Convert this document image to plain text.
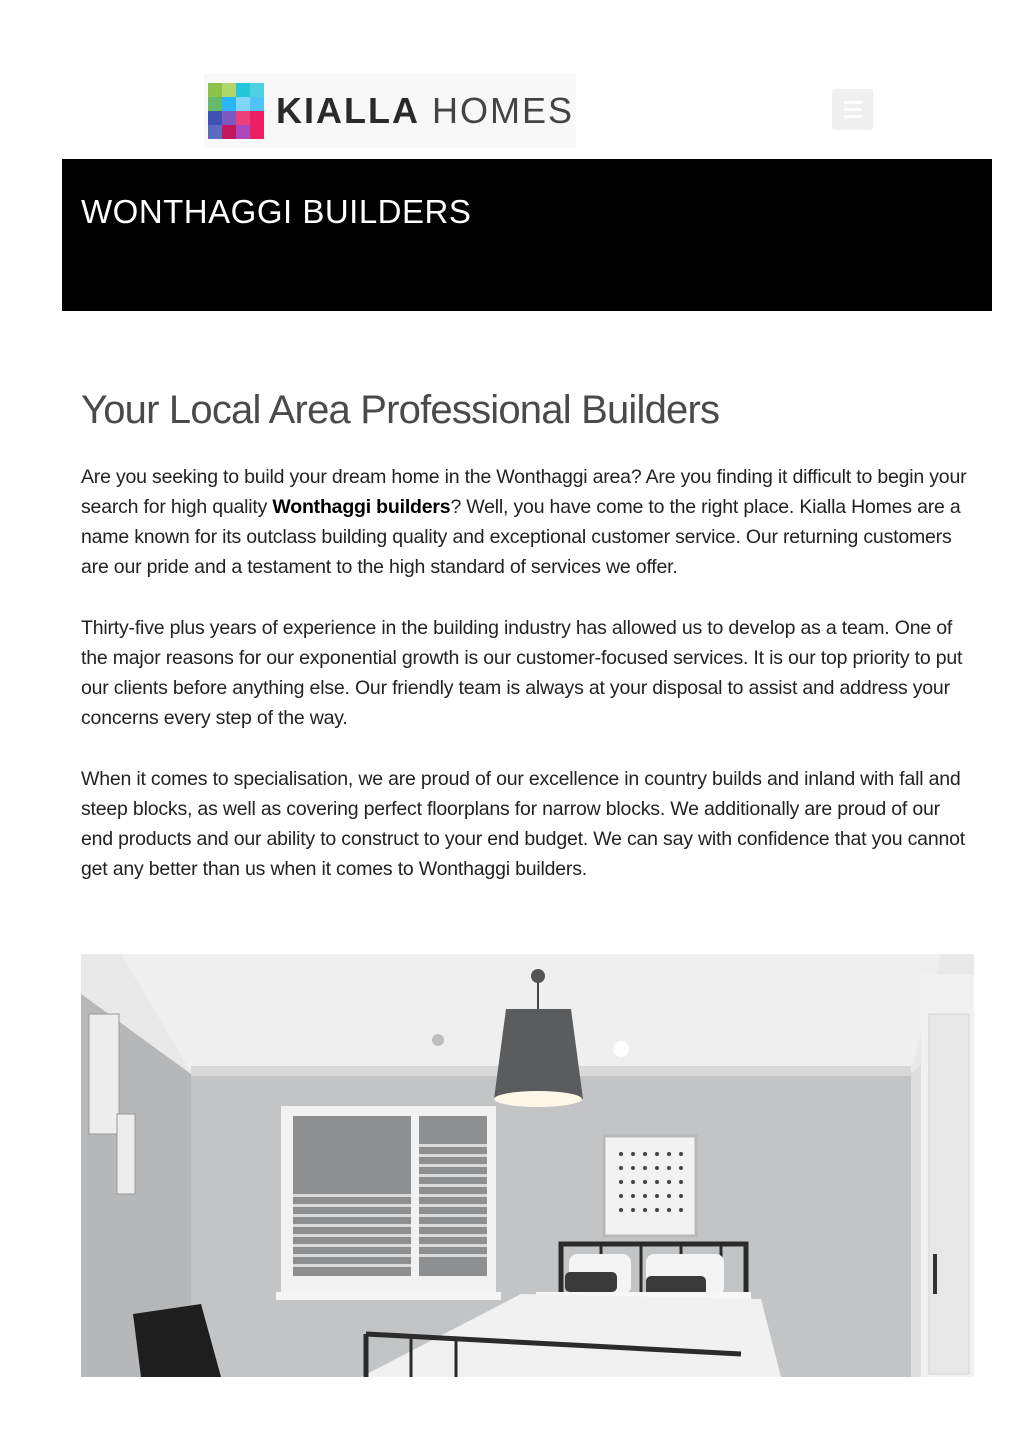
KIALLA HOMES
WONTHAGGI BUILDERS
Your Local Area Professional Builders

Are you seeking to build your dream home in the Wonthaggi area? Are you finding it difficult to begin your search for high quality Wonthaggi builders? Well, you have come to the right place. Kialla Homes are a name known for its outclass building quality and exceptional customer service. Our returning customers are our pride and a testament to the high standard of services we offer.

Thirty-five plus years of experience in the building industry has allowed us to develop as a team. One of the major reasons for our exponential growth is our customer-focused services. It is our top priority to put our clients before anything else. Our friendly team is always at your disposal to assist and address your concerns every step of the way.

When it comes to specialisation, we are proud of our excellence in country builds and inland with fall and steep blocks, as well as covering perfect floorplans for narrow blocks. We additionally are proud of our end products and our ability to construct to your end budget. We can say with confidence that you cannot get any better than us when it comes to Wonthaggi builders.
